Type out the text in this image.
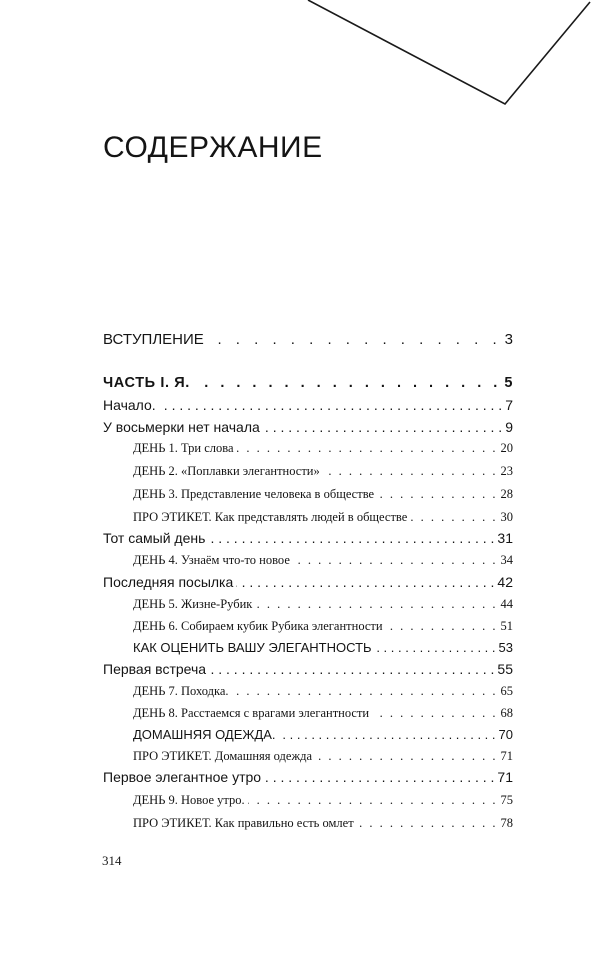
СОДЕРЖАНИЕ
ВСТУПЛЕНИЕ . . .	3
ЧАСТЬ I. Я. . . .	5
Начало. . . .	7
У восьмерки нет начала . . .	9
ДЕНЬ 1. Три слова . . .	20
ДЕНЬ 2. «Поплавки элегантности» . . .	23
ДЕНЬ 3. Представление человека в обществе . . .	28
ПРО ЭТИКЕТ. Как представлять людей в обществе . . .	30
Тот самый день . . .	31
ДЕНЬ 4. Узнаём что-то новое . . .	34
Последняя посылка . . .	42
ДЕНЬ 5. Жизне-Рубик . . .	44
ДЕНЬ 6. Собираем кубик Рубика элегантности . . .	51
КАК ОЦЕНИТЬ ВАШУ ЭЛЕГАНТНОСТЬ . . .	53
Первая встреча . . .	55
ДЕНЬ 7. Походка. . . .	65
ДЕНЬ 8. Расстаемся с врагами элегантности . . .	68
ДОМАШНЯЯ ОДЕЖДА. . . .	70
ПРО ЭТИКЕТ. Домашняя одежда . . .	71
Первое элегантное утро . . .	71
ДЕНЬ 9. Новое утро. . . .	75
ПРО ЭТИКЕТ. Как правильно есть омлет . . .	78
314
